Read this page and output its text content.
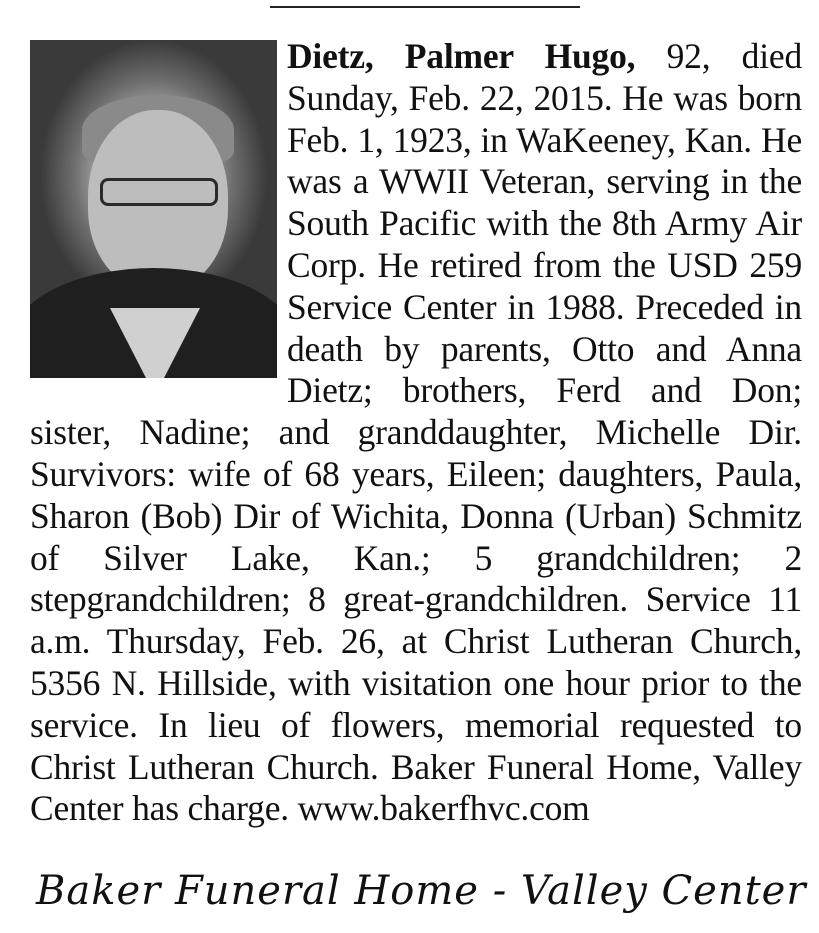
Dietz, Palmer Hugo, 92, died Sunday, Feb. 22, 2015. He was born Feb. 1, 1923, in WaKeeney, Kan. He was a WWII Veteran, serving in the South Pacific with the 8th Army Air Corp. He retired from the USD 259 Service Center in 1988. Preceded in death by parents, Otto and Anna Dietz; brothers, Ferd and Don; sister, Nadine; and granddaughter, Michelle Dir. Survivors: wife of 68 years, Eileen; daughters, Paula, Sharon (Bob) Dir of Wichita, Donna (Urban) Schmitz of Silver Lake, Kan.; 5 grandchildren; 2 stepgrandchildren; 8 great-grandchildren. Service 11 a.m. Thursday, Feb. 26, at Christ Lutheran Church, 5356 N. Hillside, with visitation one hour prior to the service. In lieu of flowers, memorial requested to Christ Lutheran Church. Baker Funeral Home, Valley Center has charge. www.bakerfhvc.com
Baker Funeral Home - Valley Center
